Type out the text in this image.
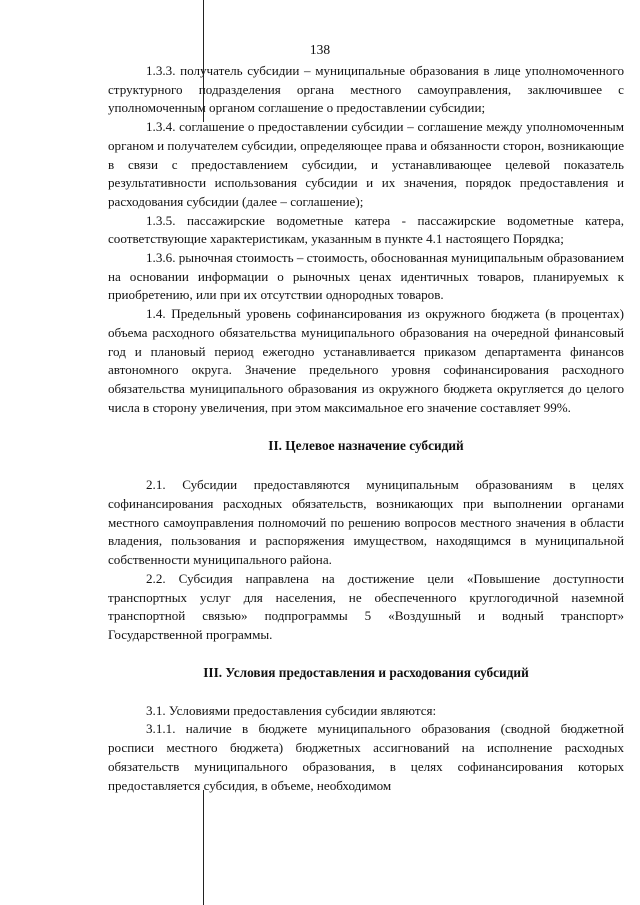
138

1.3.3. получатель субсидии – муниципальные образования в лице уполномоченного структурного подразделения органа местного самоуправления, заключившее с уполномоченным органом соглашение о предоставлении субсидии;

1.3.4. соглашение о предоставлении субсидии – соглашение между уполномоченным органом и получателем субсидии, определяющее права и обязанности сторон, возникающие в связи с предоставлением субсидии, и устанавливающее целевой показатель результативности использования субсидии и их значения, порядок предоставления и расходования субсидии (далее – соглашение);

1.3.5. пассажирские водометные катера - пассажирские водометные катера, соответствующие характеристикам, указанным в пункте 4.1 настоящего Порядка;

1.3.6. рыночная стоимость – стоимость, обоснованная муниципальным образованием на основании информации о рыночных ценах идентичных товаров, планируемых к приобретению, или при их отсутствии однородных товаров.

1.4. Предельный уровень софинансирования из окружного бюджета (в процентах) объема расходного обязательства муниципального образования на очередной финансовый год и плановый период ежегодно устанавливается приказом департамента финансов автономного округа. Значение предельного уровня софинансирования расходного обязательства муниципального образования из окружного бюджета округляется до целого числа в сторону увеличения, при этом максимальное его значение составляет 99%.

II. Целевое назначение субсидий

2.1. Субсидии предоставляются муниципальным образованиям в целях софинансирования расходных обязательств, возникающих при выполнении органами местного самоуправления полномочий по решению вопросов местного значения в области владения, пользования и распоряжения имуществом, находящимся в муниципальной собственности муниципального района.

2.2. Субсидия направлена на достижение цели «Повышение доступности транспортных услуг для населения, не обеспеченного круглогодичной наземной транспортной связью» подпрограммы 5 «Воздушный и водный транспорт» Государственной программы.

III. Условия предоставления и расходования субсидий

3.1. Условиями предоставления субсидии являются:

3.1.1. наличие в бюджете муниципального образования (сводной бюджетной росписи местного бюджета) бюджетных ассигнований на исполнение расходных обязательств муниципального образования, в целях софинансирования которых предоставляется субсидия, в объеме, необходимом
